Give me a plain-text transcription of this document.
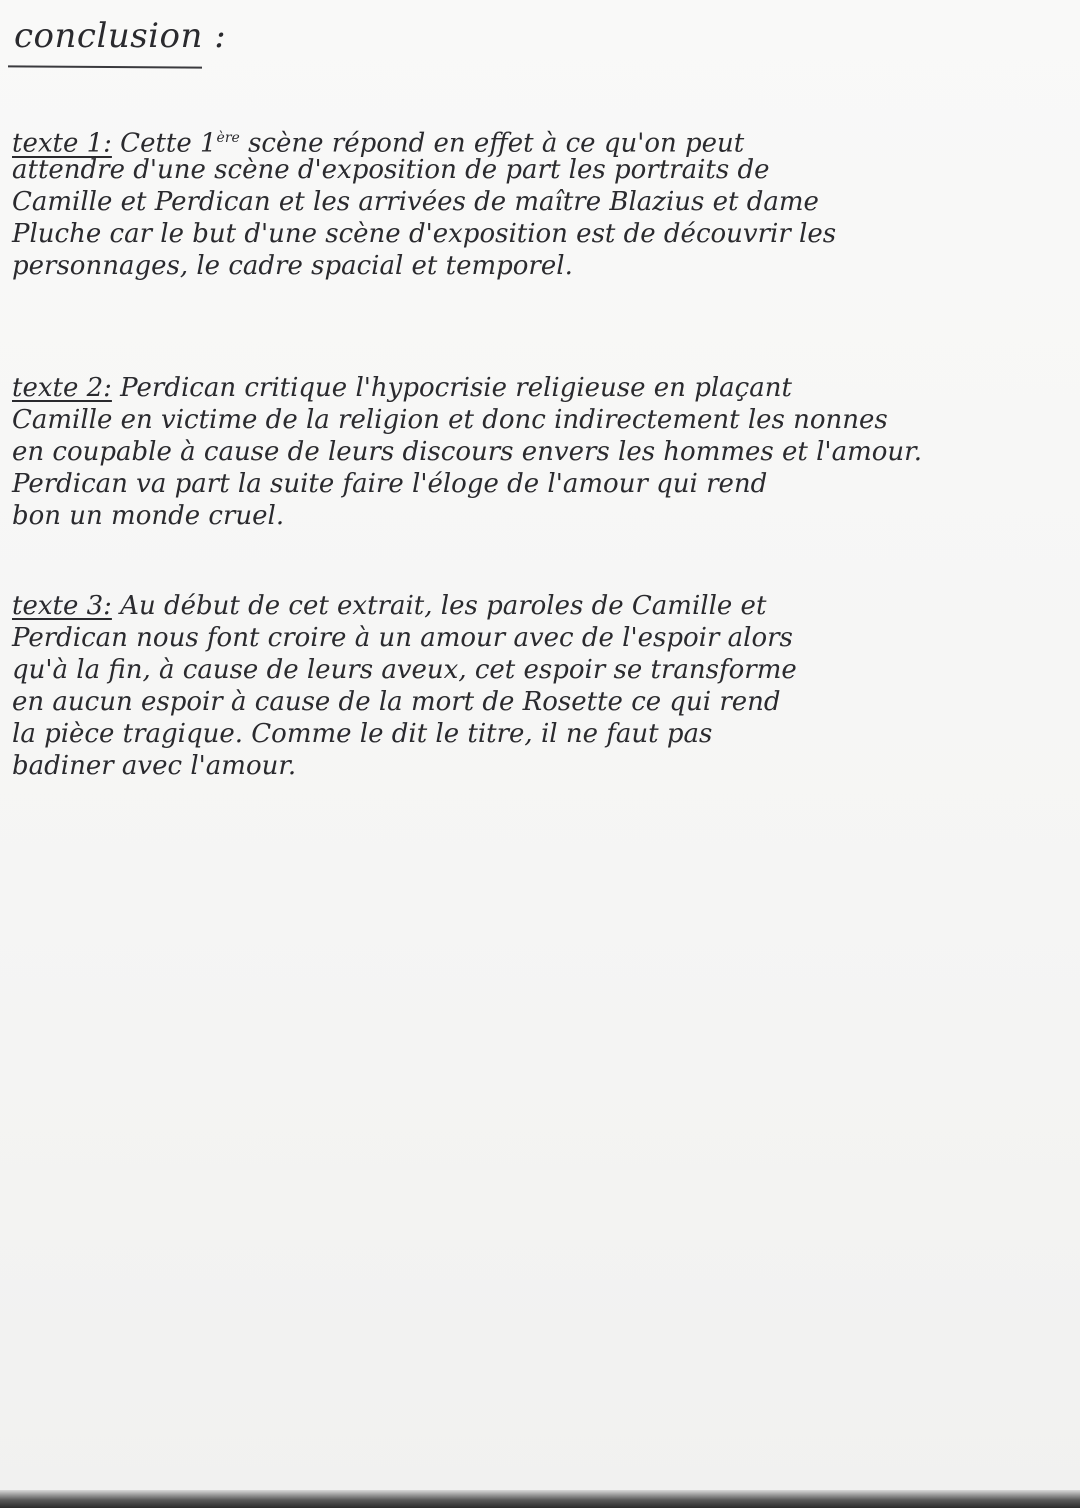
conclusion :
texte 1: Cette 1ère scène répond en effet à ce qu'on peut
attendre d'une scène d'exposition de part les portraits de
Camille et Perdican et les arrivées de maître Blazius et dame
Pluche car le but d'une scène d'exposition est de découvrir les
personnages, le cadre spacial et temporel.
texte 2: Perdican critique l'hypocrisie religieuse en plaçant
Camille en victime de la religion et donc indirectement les nonnes
en coupable à cause de leurs discours envers les hommes et l'amour.
Perdican va part la suite faire l'éloge de l'amour qui rend
bon un monde cruel.
texte 3: Au début de cet extrait, les paroles de Camille et
Perdican nous font croire à un amour avec de l'espoir alors
qu'à la fin, à cause de leurs aveux, cet espoir se transforme
en aucun espoir à cause de la mort de Rosette ce qui rend
la pièce tragique. Comme le dit le titre, il ne faut pas
badiner avec l'amour.
